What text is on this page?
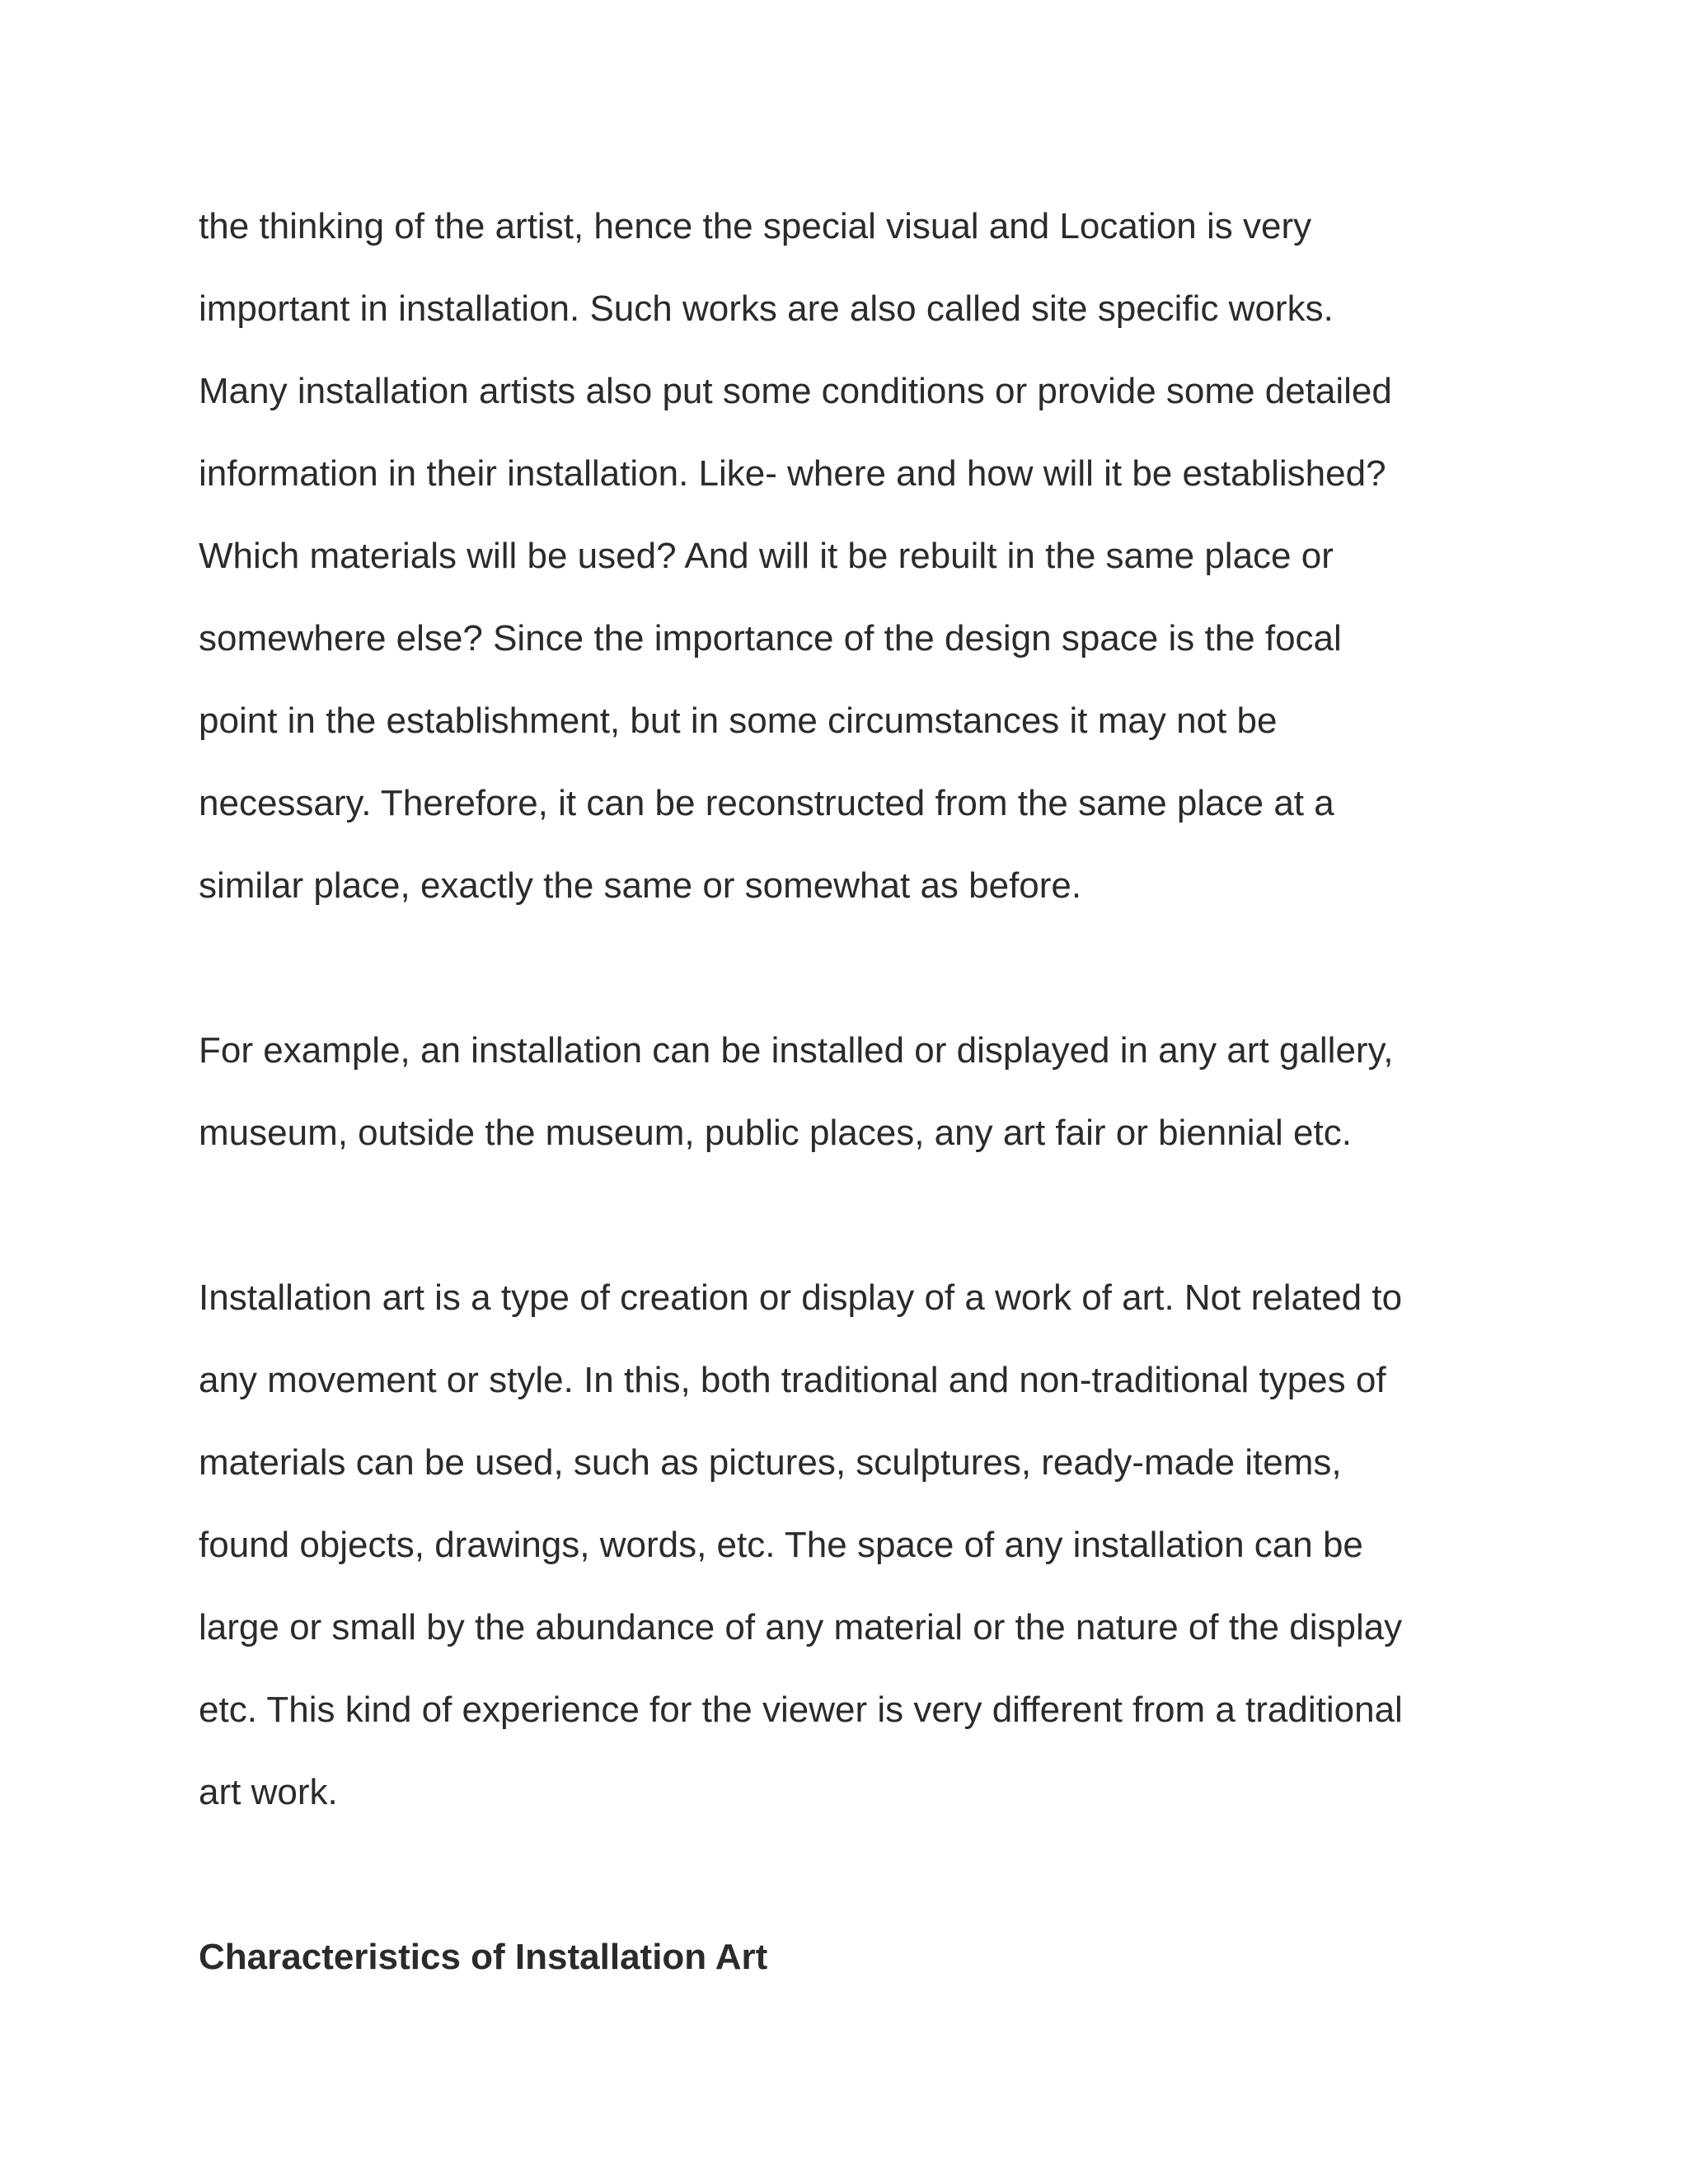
the thinking of the artist, hence the special visual and Location is very
important in installation. Such works are also called site specific works.
Many installation artists also put some conditions or provide some detailed
information in their installation. Like- where and how will it be established?
Which materials will be used? And will it be rebuilt in the same place or
somewhere else? Since the importance of the design space is the focal
point in the establishment, but in some circumstances it may not be
necessary. Therefore, it can be reconstructed from the same place at a
similar place, exactly the same or somewhat as before.
For example, an installation can be installed or displayed in any art gallery,
museum, outside the museum, public places, any art fair or biennial etc.
Installation art is a type of creation or display of a work of art. Not related to
any movement or style. In this, both traditional and non-traditional types of
materials can be used, such as pictures, sculptures, ready-made items,
found objects, drawings, words, etc. The space of any installation can be
large or small by the abundance of any material or the nature of the display
etc. This kind of experience for the viewer is very different from a traditional
art work.
Characteristics of Installation Art
